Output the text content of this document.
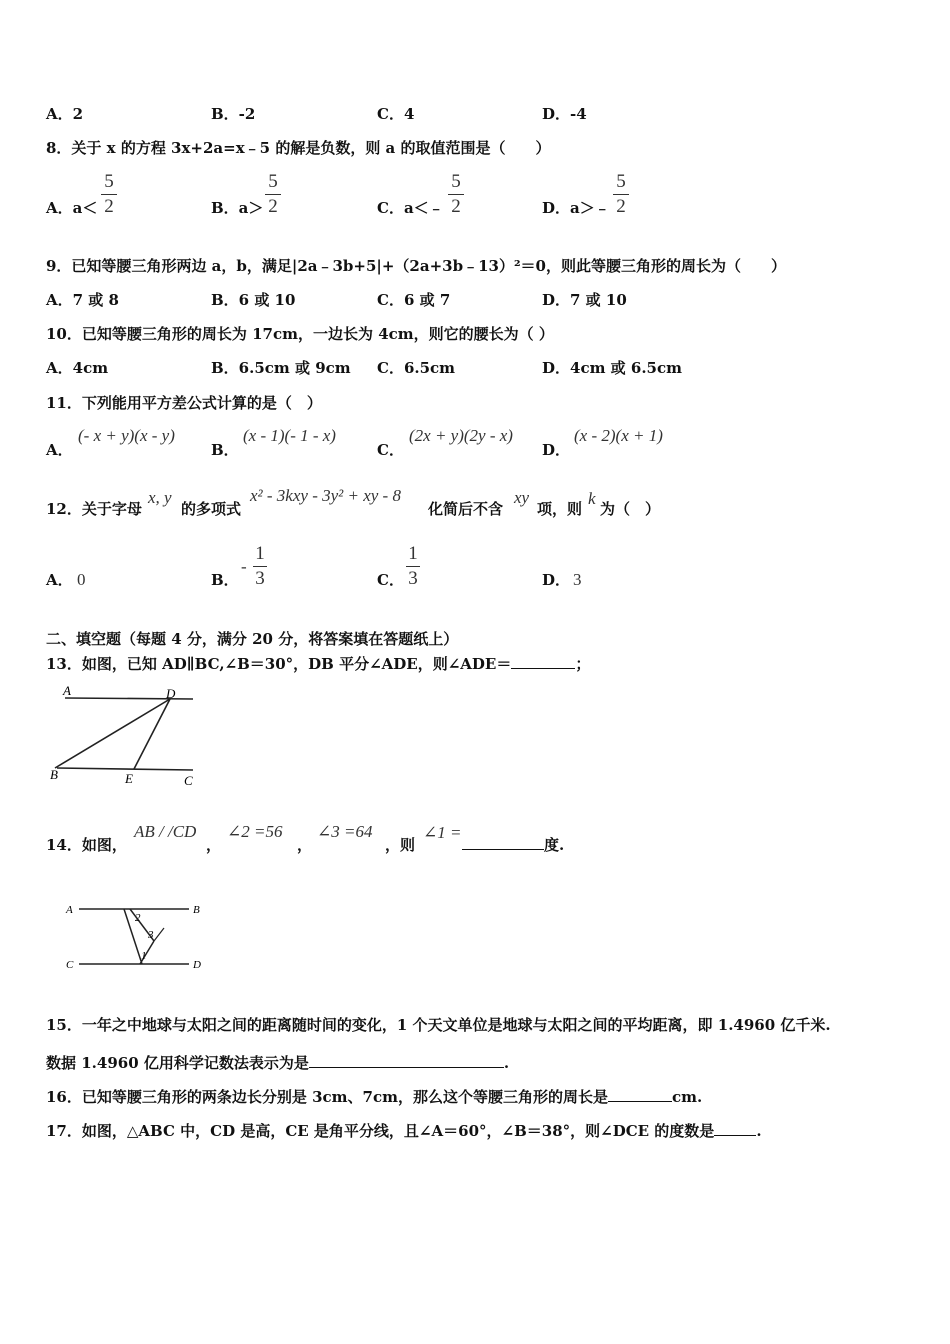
A．2	B．-2	C．4	D．-4
8．关于 x 的方程 3x+2a=x﹣5 的解是负数，则 a 的取值范围是（　　）
A．a＜
5
2	B．a＞
5
2	C．a＜﹣
5
2	D．a＞﹣
5
2
9．已知等腰三角形两边 a，b，满足|2a﹣3b+5|+（2a+3b﹣13）²＝0，则此等腰三角形的周长为（　　）
A．7 或 8	B．6 或 10	C．6 或 7	D．7 或 10
10．已知等腰三角形的周长为 17cm，一边长为 4cm，则它的腰长为（ ）
A．4cm	B．6.5cm 或 9cm C．6.5cm	D．4cm 或 6.5cm
11．下列能用平方差公式计算的是（　）
A．
(- x + y)(x - y)
B．
(x - 1)(- 1 - x)
C．
(2x + y)(2y - x)
D．
(x - 2)(x + 1)
12．关于字母
x, y
的多项式
x² - 3kxy - 3y² + xy - 8
化简后不含
xy
项，则
k
为（　）
A． 0	B．
-
1
3	C．
1
3	D． 3
二、填空题（每题 4 分，满分 20 分，将答案填在答题纸上）
13．如图，已知 AD∥BC,∠B＝30°，DB 平分∠ADE，则∠ADE＝	；
A	D
B	E	C
14．如图，
AB / /CD
，
∠2 =56
，
∠3 =64
，则
∠1 =
度.
A	B
C	D
2
3
1
15．一年之中地球与太阳之间的距离随时间的变化，1 个天文单位是地球与太阳之间的平均距离，即 1.4960 亿千米.
数据 1.4960 亿用科学记数法表示为是	.
16．已知等腰三角形的两条边长分别是 3cm、7cm，那么这个等腰三角形的周长是	cm.
17．如图，△ABC 中，CD 是高，CE 是角平分线，且∠A＝60°，∠B＝38°，则∠DCE 的度数是	.
